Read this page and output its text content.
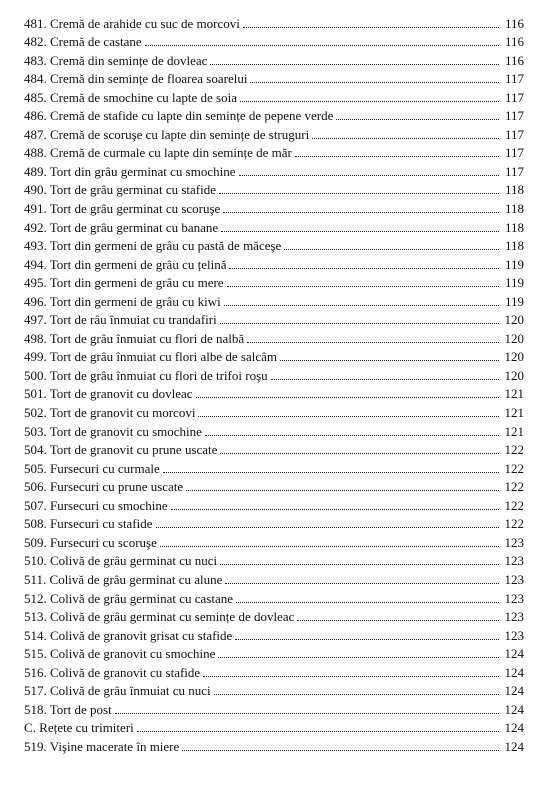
481. Cremă de arahide cu suc de morcovi	116
482. Cremă de castane	116
483. Cremă din semințe de dovleac	116
484. Cremă din semințe de floarea soarelui	117
485. Cremă de smochine cu lapte de soia	117
486. Cremă de stafide cu lapte din semințe de pepene verde	117
487. Cremă de scoruşe cu lapte din semințe de struguri	117
488. Cremă de curmale cu lapte din semințe de măr	117
489. Tort din grâu germinat cu smochine	117
490. Tort de grâu germinat cu stafide	118
491. Tort de grâu germinat cu scoruşe	118
492. Tort de grâu germinat cu banane	118
493. Tort din germeni de grâu cu pastă de măceşe	118
494. Tort din germeni de grâu cu țelină	119
495. Tort din germeni de grâu cu mere	119
496. Tort din germeni de grâu cu kiwi	119
497. Tort de râu înmuiat cu trandafiri	120
498. Tort de grâu înmuiat cu flori de nalbă	120
499. Tort de grâu înmuiat cu flori albe de salcâm	120
500. Tort de grâu înmuiat cu flori de trifoi roşu	120
501. Tort de granovit cu dovleac	121
502. Tort de granovit cu morcovi	121
503. Tort de granovit cu smochine	121
504. Tort de granovit cu prune uscate	122
505. Fursecuri cu curmale	122
506. Fursecuri cu prune uscate	122
507. Fursecuri cu smochine	122
508. Fursecuri cu stafide	122
509. Fursecuri cu scoruşe	123
510. Colivă de grâu germinat cu nuci	123
511. Colivă de grâu germinat cu alune	123
512. Colivă de grâu germinat cu castane	123
513. Colivă de grâu germinat cu semințe de dovleac	123
514. Colivă de granovit grisat cu stafide	123
515. Colivă de granovit cu smochine	124
516. Colivă de granovit cu stafide	124
517. Colivă de grâu înmuiat cu nuci	124
518. Tort de post	124
C. Rețete cu trimiteri	124
519. Vişine macerate în miere	124
